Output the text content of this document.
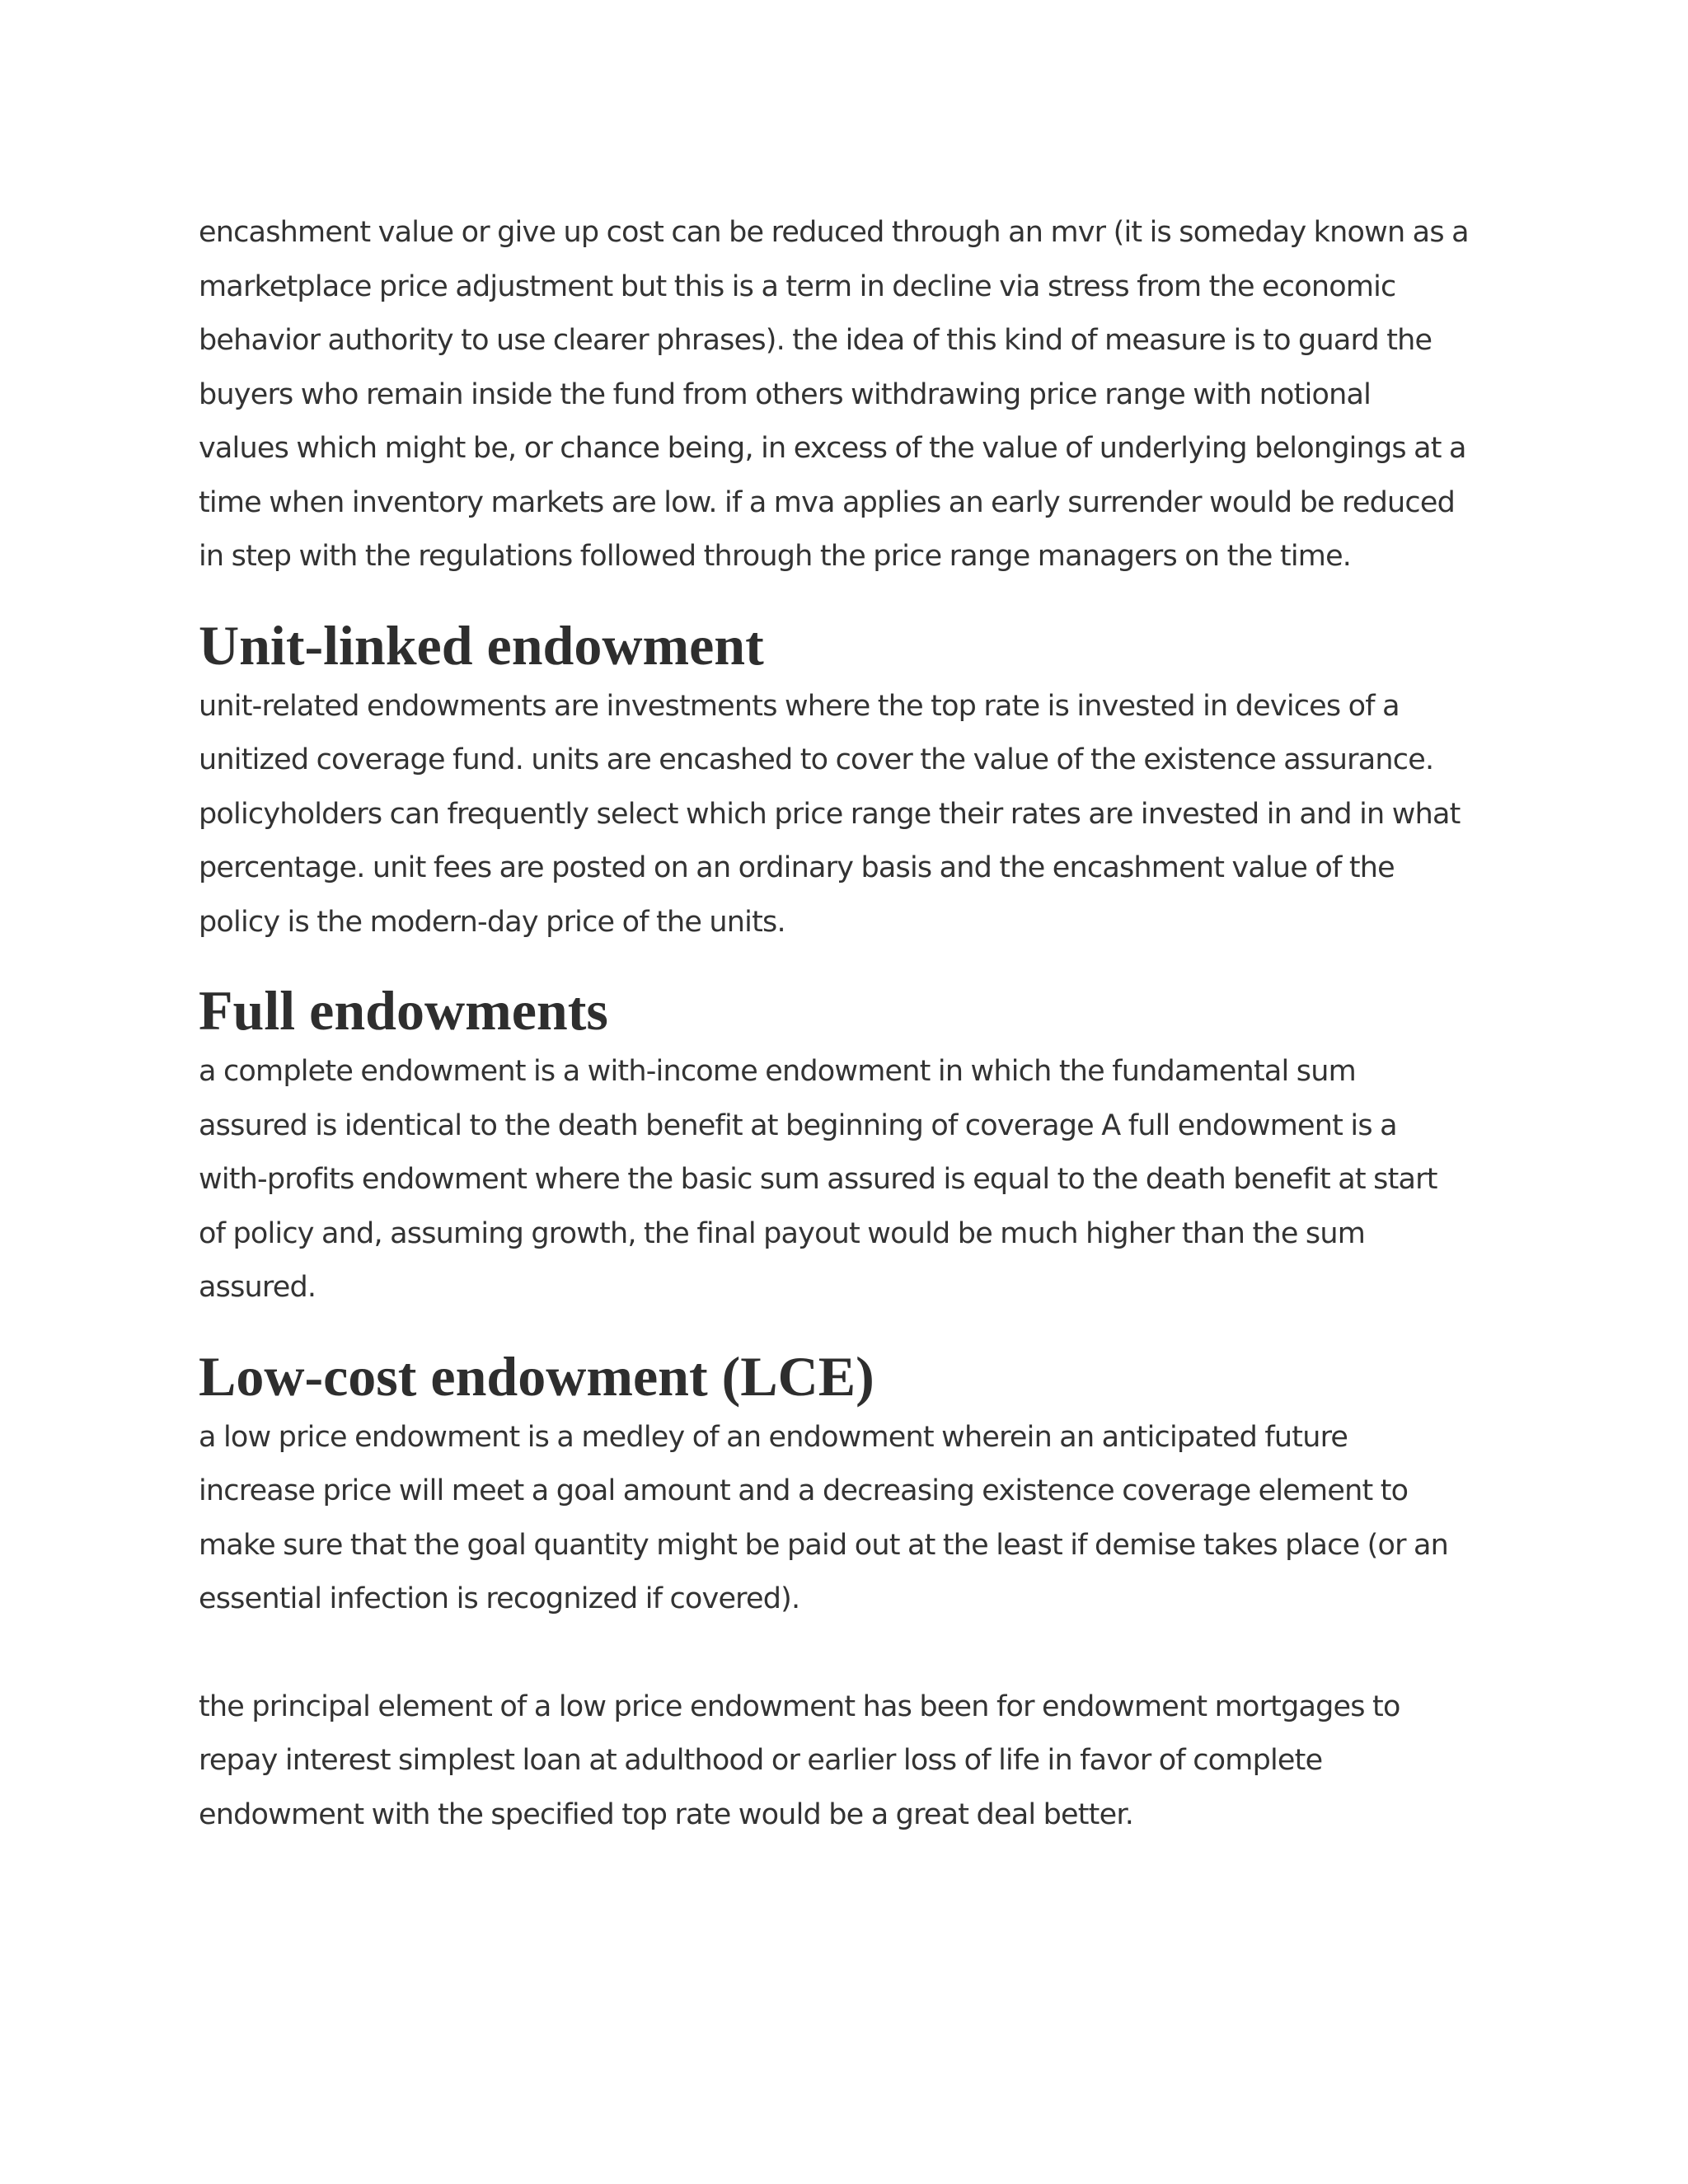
encashment value or give up cost can be reduced through an mvr (it is someday known as a
marketplace price adjustment but this is a term in decline via stress from the economic
behavior authority to use clearer phrases). the idea of this kind of measure is to guard the
buyers who remain inside the fund from others withdrawing price range with notional
values which might be, or chance being, in excess of the value of underlying belongings at a
time when inventory markets are low. if a mva applies an early surrender would be reduced
in step with the regulations followed through the price range managers on the time.

Unit-linked endowment

unit-related endowments are investments where the top rate is invested in devices of a
unitized coverage fund. units are encashed to cover the value of the existence assurance.
policyholders can frequently select which price range their rates are invested in and in what
percentage. unit fees are posted on an ordinary basis and the encashment value of the
policy is the modern-day price of the units.

Full endowments

a complete endowment is a with-income endowment in which the fundamental sum
assured is identical to the death benefit at beginning of coverage A full endowment is a
with-profits endowment where the basic sum assured is equal to the death benefit at start
of policy and, assuming growth, the final payout would be much higher than the sum
assured.

Low-cost endowment (LCE)

a low price endowment is a medley of an endowment wherein an anticipated future
increase price will meet a goal amount and a decreasing existence coverage element to
make sure that the goal quantity might be paid out at the least if demise takes place (or an
essential infection is recognized if covered).

the principal element of a low price endowment has been for endowment mortgages to
repay interest simplest loan at adulthood or earlier loss of life in favor of complete
endowment with the specified top rate would be a great deal better.
